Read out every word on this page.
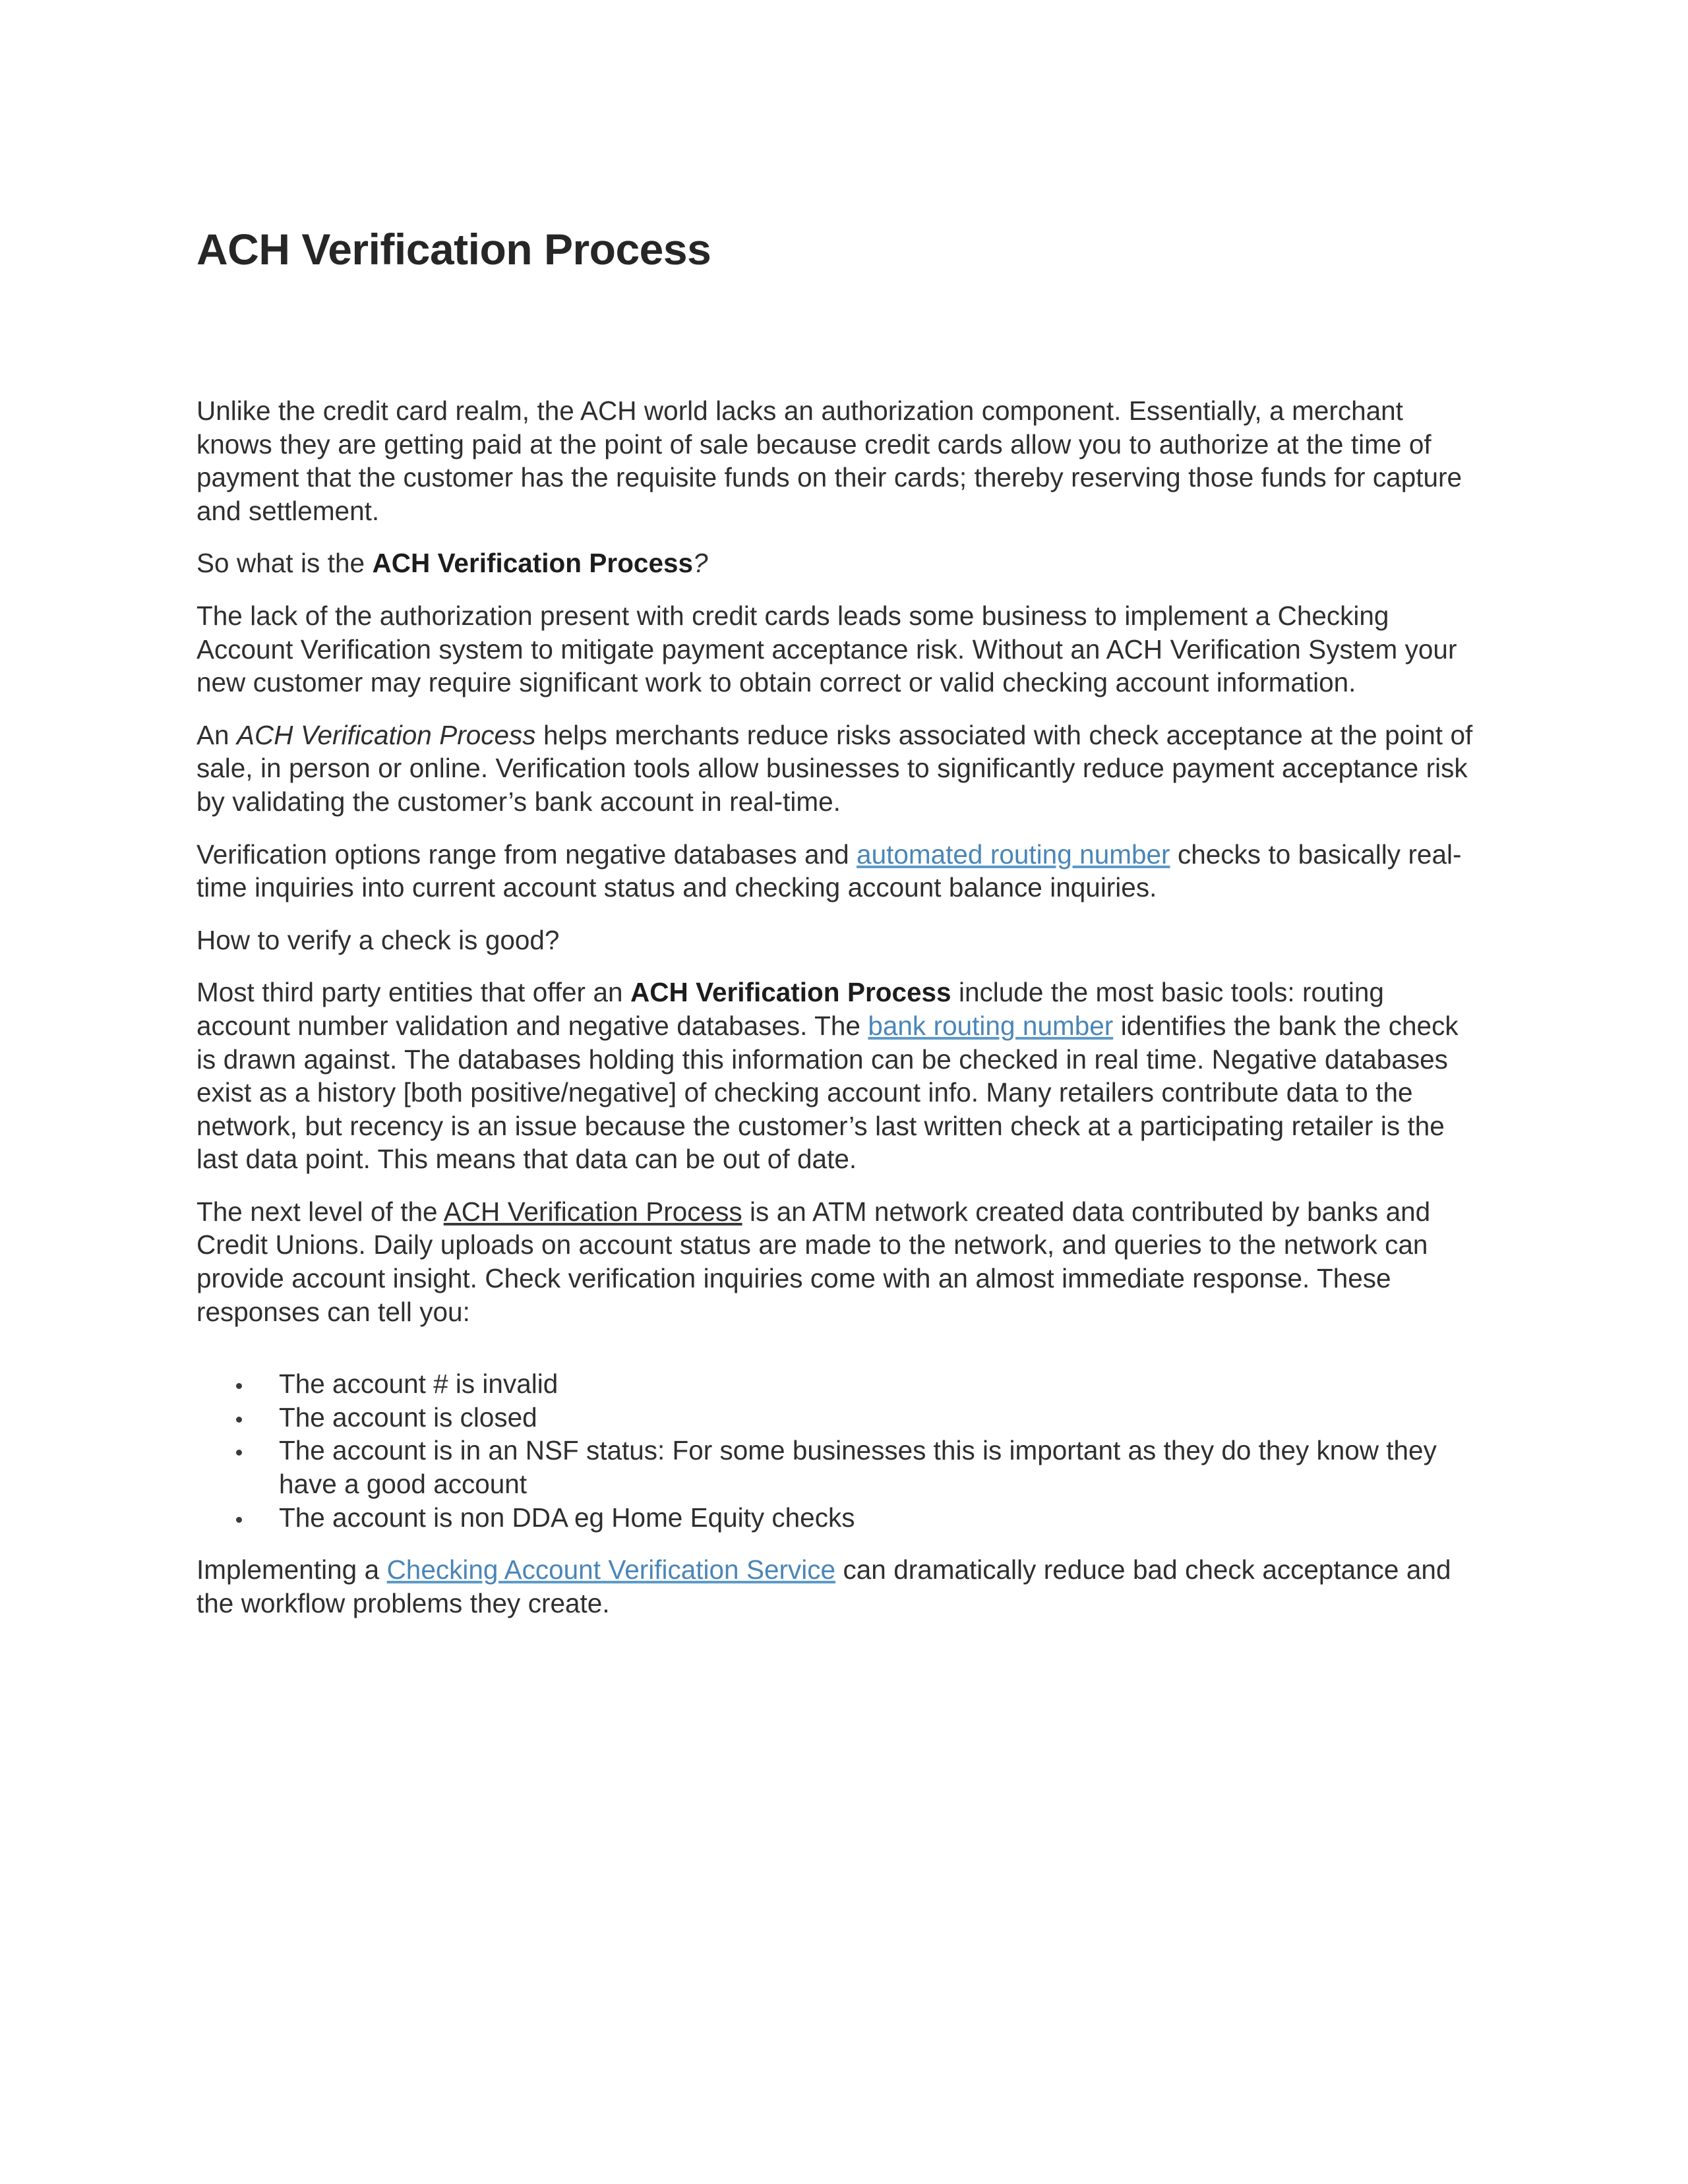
ACH Verification Process

Unlike the credit card realm, the ACH world lacks an authorization component. Essentially, a merchant knows they are getting paid at the point of sale because credit cards allow you to authorize at the time of payment that the customer has the requisite funds on their cards; thereby reserving those funds for capture and settlement.

So what is the ACH Verification Process?

The lack of the authorization present with credit cards leads some business to implement a Checking Account Verification system to mitigate payment acceptance risk. Without an ACH Verification System your new customer may require significant work to obtain correct or valid checking account information.

An ACH Verification Process helps merchants reduce risks associated with check acceptance at the point of sale, in person or online. Verification tools allow businesses to significantly reduce payment acceptance risk by validating the customer’s bank account in real-time.

Verification options range from negative databases and automated routing number checks to basically real-time inquiries into current account status and checking account balance inquiries.

How to verify a check is good?

Most third party entities that offer an ACH Verification Process include the most basic tools: routing account number validation and negative databases. The bank routing number identifies the bank the check is drawn against. The databases holding this information can be checked in real time. Negative databases exist as a history [both positive/negative] of checking account info. Many retailers contribute data to the network, but recency is an issue because the customer’s last written check at a participating retailer is the last data point. This means that data can be out of date.

The next level of the ACH Verification Process is an ATM network created data contributed by banks and Credit Unions. Daily uploads on account status are made to the network, and queries to the network can provide account insight. Check verification inquiries come with an almost immediate response. These responses can tell you:

The account # is invalid
The account is closed
The account is in an NSF status: For some businesses this is important as they do they know they have a good account
The account is non DDA eg Home Equity checks

Implementing a Checking Account Verification Service can dramatically reduce bad check acceptance and the workflow problems they create.
